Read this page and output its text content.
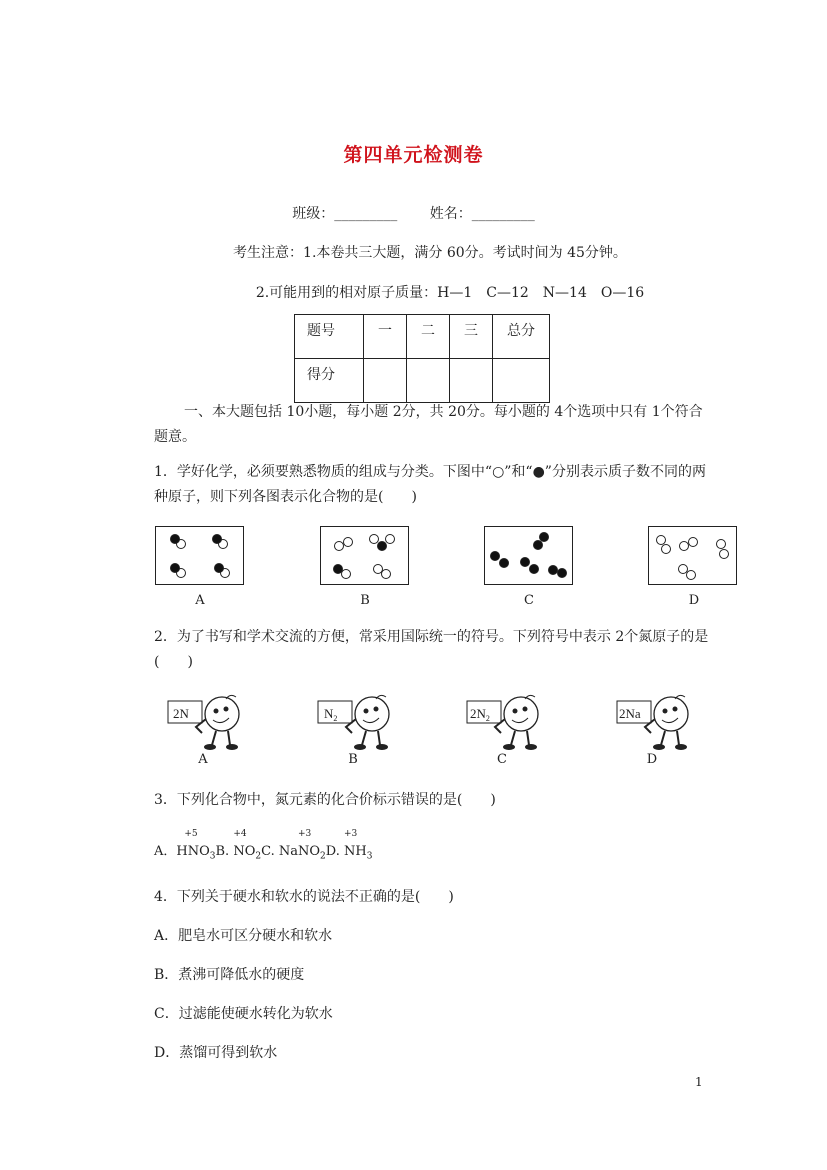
第四单元检测卷
班级：_________ 姓名：_________
考生注意：1.本卷共三大题，满分 60分。考试时间为 45分钟。
2.可能用到的相对原子质量：H—1　C—12　N—14　O—16
题号	一	二	三	总分
得分				
一、本大题包括 10小题，每小题 2分，共 20分。每小题的 4个选项中只有 1个符合题意。
1．学好化学，必须要熟悉物质的组成与分类。下图中“○”和“●”分别表示质子数不同的两种原子，则下列各图表示化合物的是(　　)
A	B	C	D
2．为了书写和学术交流的方便，常采用国际统一的符号。下列符号中表示 2个氮原子的是(　　)
2N	$N_2$	$2N_2$	2Na
A	B	C	D
3．下列化合物中，氮元素的化合价标示错误的是(　　)
A．
+5
$HNO_3B$.
+4
$NO_2C$. Na
+3
$NO_2D$.
+3
$NH_3$
4．下列关于硬水和软水的说法不正确的是(　　)
A．肥皂水可区分硬水和软水
B．煮沸可降低水的硬度
C．过滤能使硬水转化为软水
D．蒸馏可得到软水
1
